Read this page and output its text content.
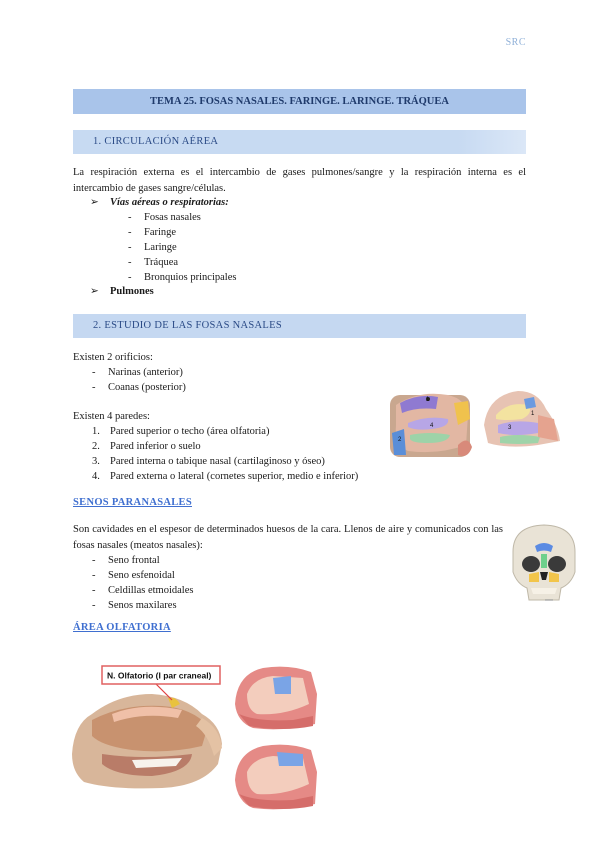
SRC
TEMA 25. FOSAS NASALES. FARINGE. LARINGE. TRÁQUEA
1. CIRCULACIÓN AÉREA
La respiración externa es el intercambio de gases pulmones/sangre y la respiración interna es el intercambio de gases sangre/células.
➢ Vías aéreas o respiratorias:
- Fosas nasales
- Faringe
- Laringe
- Tráquea
- Bronquios principales
➢ Pulmones
2. ESTUDIO DE LAS FOSAS NASALES
Existen 2 orificios:
- Narinas (anterior)
- Coanas (posterior)
Existen 4 paredes:
1. Pared superior o techo (área olfatoria)
2. Pared inferior o suelo
3. Pared interna o tabique nasal (cartilaginoso y óseo)
4. Pared externa o lateral (cornetes superior, medio e inferior)
1
4
2
3
1
SENOS PARANASALES
Son cavidades en el espesor de determinados huesos de la cara. Llenos de aire y comunicados con las fosas nasales (meatos nasales):
- Seno frontal
- Seno esfenoidal
- Celdillas etmoidales
- Senos maxilares
ÁREA OLFATORIA
N. Olfatorio (I par craneal)
